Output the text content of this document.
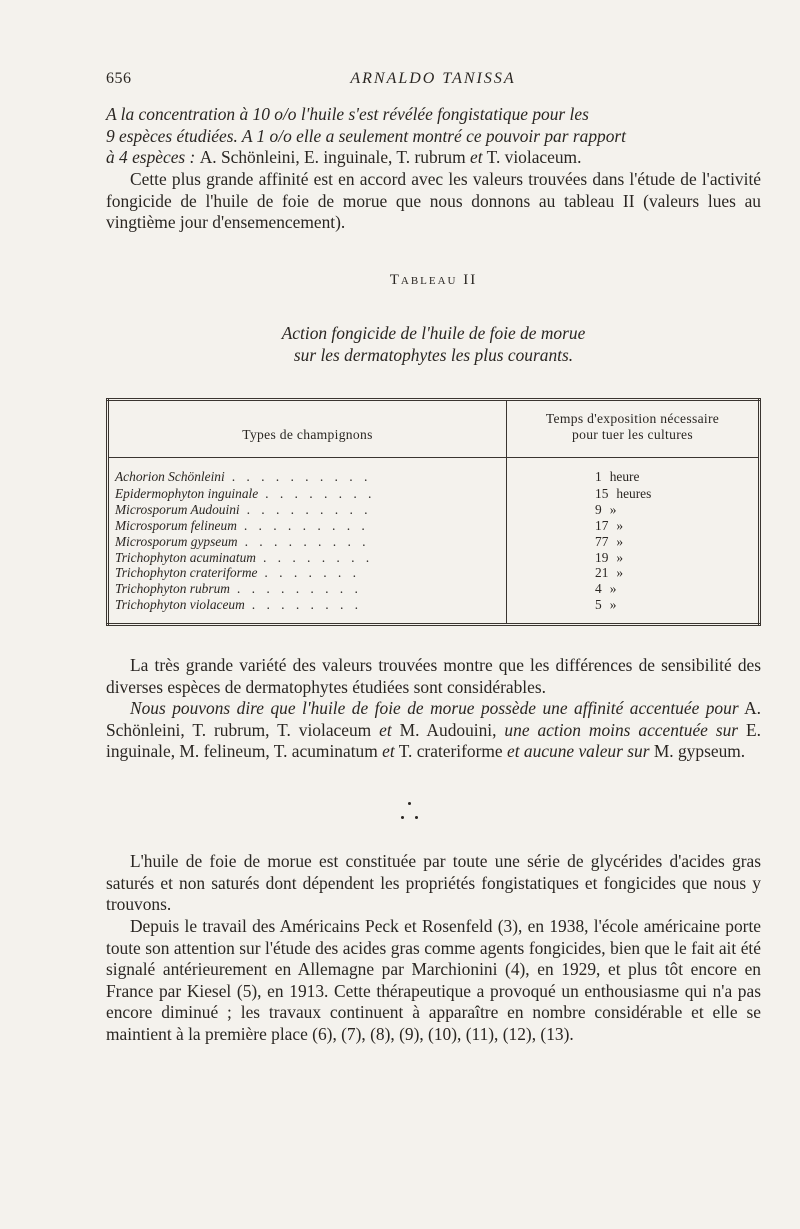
656	ARNALDO TANISSA
A la concentration à 10 o/o l'huile s'est révélée fongistatique pour les
9 espèces étudiées. A 1 o/o elle a seulement montré ce pouvoir par rapport
à 4 espèces : A. Schönleini, E. inguinale, T. rubrum et T. violaceum.

Cette plus grande affinité est en accord avec les valeurs trouvées dans l'étude de l'activité fongicide de l'huile de foie de morue que nous donnons au tableau II (valeurs lues au vingtième jour d'ensemencement).

Tableau II
Action fongicide de l'huile de foie de morue
sur les dermatophytes les plus courants.
Types de champignons	Temps d'exposition nécessaire
pour tuer les cultures

Achorion Schönleini . . . . . . . . . .	1 heure
Epidermophyton inguinale . . . . . . . .	15 heures
Microsporum Audouini . . . . . . . . .	9 »
Microsporum felineum . . . . . . . . .	17 »
Microsporum gypseum . . . . . . . . .	77 »
Trichophyton acuminatum . . . . . . . .	19 »
Trichophyton crateriforme . . . . . . .	21 »
Trichophyton rubrum . . . . . . . . .	4 »
Trichophyton violaceum . . . . . . . .	5 »

La très grande variété des valeurs trouvées montre que les différences de sensibilité des diverses espèces de dermatophytes étudiées sont considérables.

Nous pouvons dire que l'huile de foie de morue possède une affinité accentuée pour A. Schönleini, T. rubrum, T. violaceum et M. Audouini, une action moins accentuée sur E. inguinale, M. felineum, T. acuminatum et T. crateriforme et aucune valeur sur M. gypseum.

L'huile de foie de morue est constituée par toute une série de glycérides d'acides gras saturés et non saturés dont dépendent les propriétés fongistatiques et fongicides que nous y trouvons.

Depuis le travail des Américains Peck et Rosenfeld (3), en 1938, l'école américaine porte toute son attention sur l'étude des acides gras comme agents fongicides, bien que le fait ait été signalé antérieurement en Allemagne par Marchionini (4), en 1929, et plus tôt encore en France par Kiesel (5), en 1913. Cette thérapeutique a provoqué un enthousiasme qui n'a pas encore diminué ; les travaux continuent à apparaître en nombre considérable et elle se maintient à la première place (6), (7), (8), (9), (10), (11), (12), (13).
